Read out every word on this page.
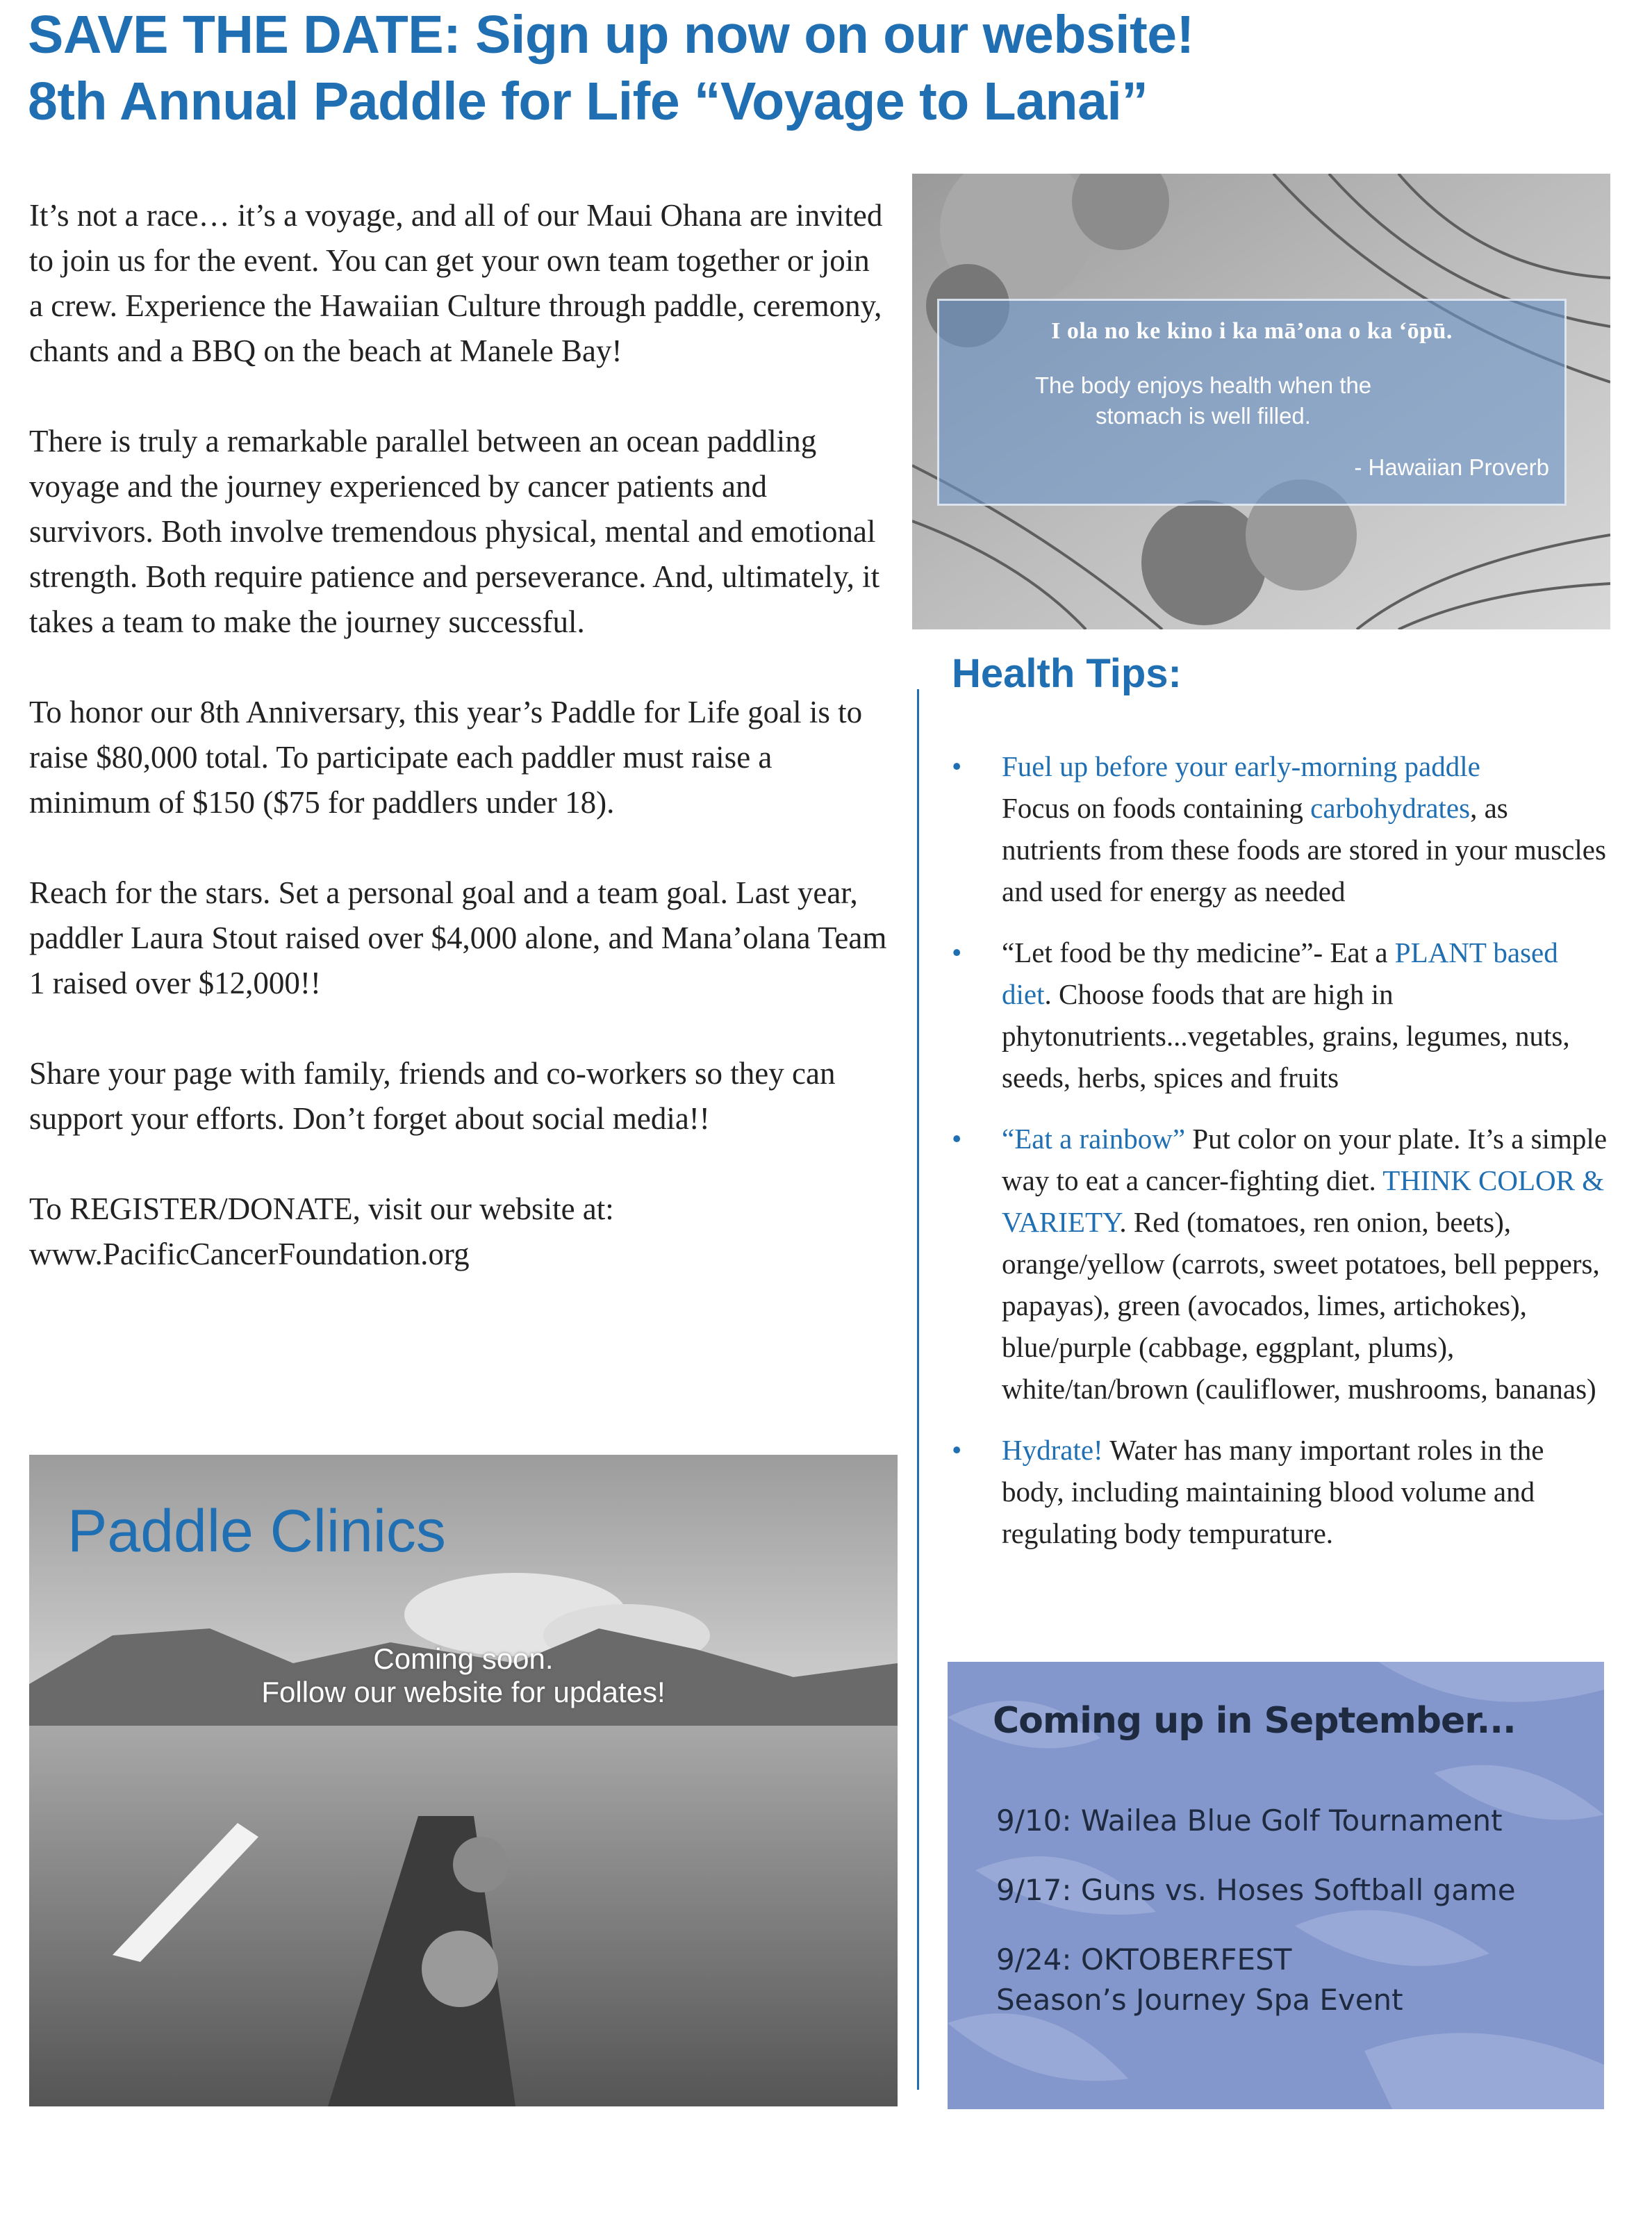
SAVE THE DATE: Sign up now on our website!
8th Annual Paddle for Life “Voyage to Lanai”

It’s not a race… it’s a voyage, and all of our Maui Ohana are invited to join us for the event. You can get your own team together or join a crew. Experience the Hawaiian Culture through paddle, ceremony, chants and a BBQ on the beach at Manele Bay!

There is truly a remarkable parallel between an ocean paddling voyage and the journey experienced by cancer patients and survivors. Both involve tremendous physical, mental and emotional strength. Both require patience and perseverance. And, ultimately, it takes a team to make the journey successful.

To honor our 8th Anniversary, this year’s Paddle for Life goal is to raise $80,000 total. To participate each paddler must raise a minimum of $150 ($75 for paddlers under 18).

Reach for the stars. Set a personal goal and a team goal. Last year, paddler Laura Stout raised over $4,000 alone, and Mana’olana Team 1 raised over $12,000!!

Share your page with family, friends and co-workers so they can support your efforts. Don’t forget about social media!!

To REGISTER/DONATE, visit our website at:
www.PacificCancerFoundation.org

I ola no ke kino i ka mā’ona o ka ‘ōpū.
The body enjoys health when the stomach is well filled.
- Hawaiian Proverb
Health Tips:
• Fuel up before your early-morning paddle
Focus on foods containing carbohydrates, as nutrients from these foods are stored in your muscles and used for energy as needed
• “Let food be thy medicine”- Eat a PLANT based diet. Choose foods that are high in phytonutrients...vegetables, grains, legumes, nuts, seeds, herbs, spices and fruits
• “Eat a rainbow” Put color on your plate. It’s a simple way to eat a cancer-fighting diet. THINK COLOR & VARIETY. Red (tomatoes, ren onion, beets), orange/yellow (carrots, sweet potatoes, bell peppers, papayas), green (avocados, limes, artichokes), blue/purple (cabbage, eggplant, plums), white/tan/brown (cauliflower, mushrooms, bananas)
• Hydrate! Water has many important roles in the body, including maintaining blood volume and regulating body tempurature.
Paddle Clinics
Coming soon.
Follow our website for updates!
Coming up in September...
9/10: Wailea Blue Golf Tournament
9/17: Guns vs. Hoses Softball game
9/24: OKTOBERFEST
Season’s Journey Spa Event
